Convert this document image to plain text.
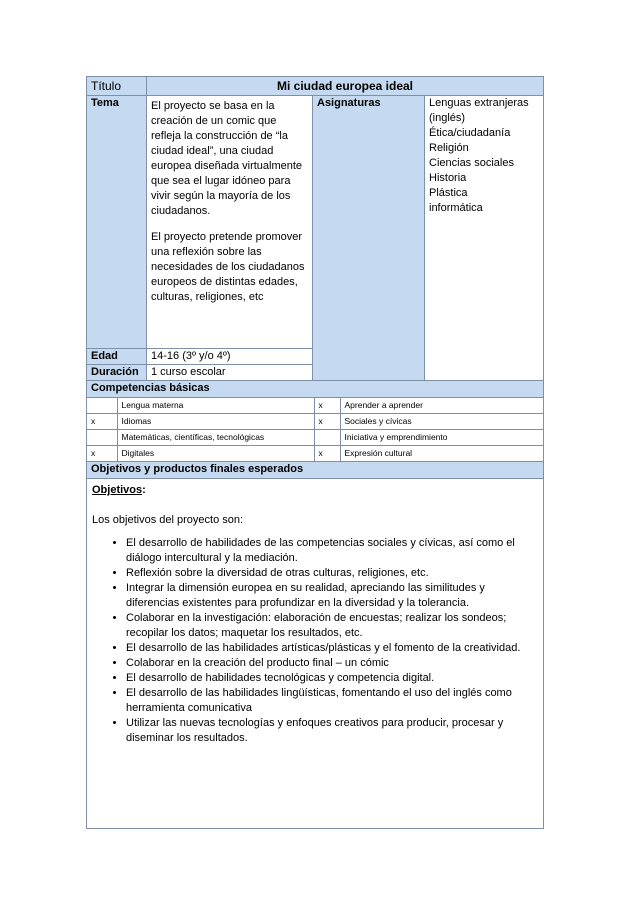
Título	Mi ciudad europea ideal
Tema	El proyecto se basa en la creación de un comic que refleja la construcción de “la ciudad ideal”, una ciudad europea diseñada virtualmente que sea el lugar idóneo para vivir según la mayoría de los ciudadanos.

El proyecto pretende promover una reflexión sobre las necesidades de los ciudadanos europeos de distintas edades, culturas, religiones, etc

	Asignaturas	Lenguas extranjeras (inglés)
Ética/ciudadanía
Religión
Ciencias sociales
Historia
Plástica
informática

Edad	14-16 (3º y/o 4º)
Duración	1 curso escolar
Competencias básicas

	Lengua materna	x	Aprender a aprender
x	Idiomas	x	Sociales y cívicas
	Matemáticas, científicas, tecnológicas		Iniciativa y emprendimiento
x	Digitales	x	Expresión cultural

Objetivos y productos finales esperados

Objetivos:

Los objetivos del proyecto son:

• El desarrollo de habilidades de las competencias sociales y cívicas, así como el diálogo intercultural y la mediación.
• Reflexión sobre la diversidad de otras culturas, religiones, etc.
• Integrar la dimensión europea en su realidad, apreciando las similitudes y diferencias existentes para profundizar en la diversidad y la tolerancia.
• Colaborar en la investigación: elaboración de encuestas; realizar los sondeos; recopilar los datos; maquetar los resultados, etc.
• El desarrollo de las habilidades artísticas/plásticas y el fomento de la creatividad.
• Colaborar en la creación del producto final – un cómic
• El desarrollo de habilidades tecnológicas y competencia digital.
• El desarrollo de las habilidades lingüísticas, fomentando el uso del inglés como herramienta comunicativa
• Utilizar las nuevas tecnologías y enfoques creativos para producir, procesar y diseminar los resultados.
